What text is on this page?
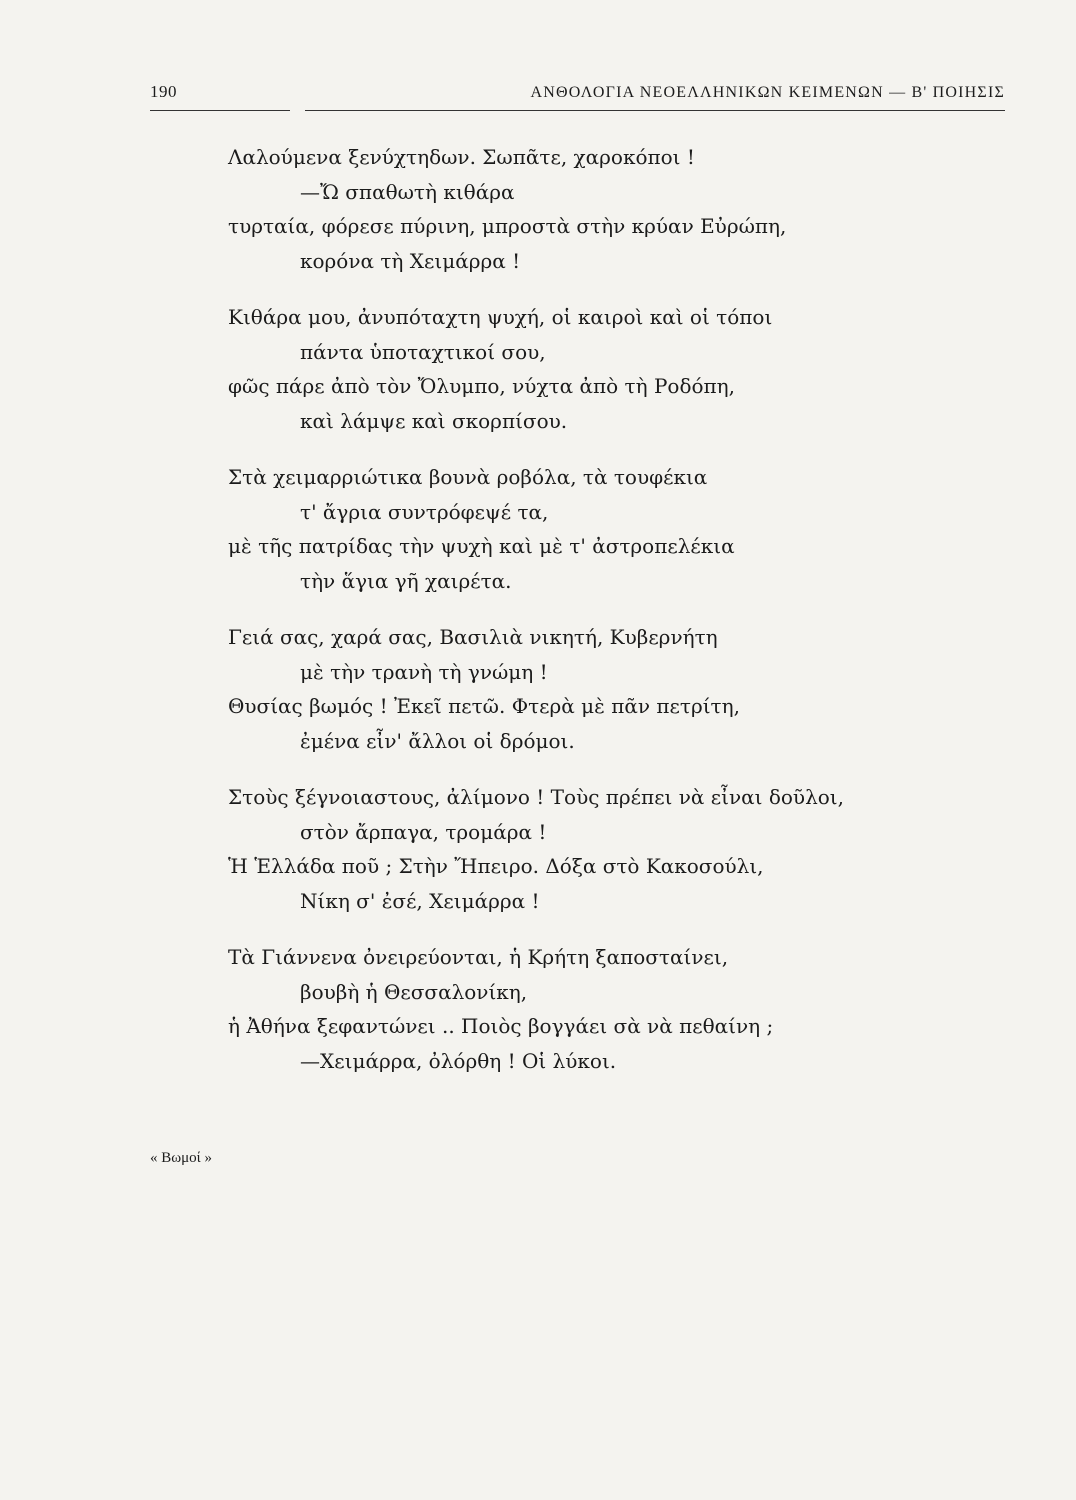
190	ΑΝΘΟΛΟΓΙΑ ΝΕΟΕΛΛΗΝΙΚΩΝ ΚΕΙΜΕΝΩΝ — Β' ΠΟΙΗΣΙΣ
Λαλούμενα ξενύχτηδων. Σωπᾶτε, χαροκόποι !
—Ὤ σπαθωτὴ κιθάρα
τυρταία, φόρεσε πύρινη, μπροστὰ στὴν κρύαν Εὐρώπη,
κορόνα τὴ Χειμάρρα !
Κιθάρα μου, ἀνυπόταχτη ψυχή, οἱ καιροὶ καὶ οἱ τόποι
πάντα ὑποταχτικοί σου,
φῶς πάρε ἀπὸ τὸν Ὄλυμπο, νύχτα ἀπὸ τὴ Ροδόπη,
καὶ λάμψε καὶ σκορπίσου.
Στὰ χειμαρριώτικα βουνὰ ροβόλα, τὰ τουφέκια
τ' ἄγρια συντρόφεψέ τα,
μὲ τῆς πατρίδας τὴν ψυχὴ καὶ μὲ τ' ἀστροπελέκια
τὴν ἅγια γῆ χαιρέτα.
Γειά σας, χαρά σας, Βασιλιὰ νικητή, Κυβερνήτη
μὲ τὴν τρανὴ τὴ γνώμη !
Θυσίας βωμός ! Ἐκεῖ πετῶ. Φτερὰ μὲ πᾶν πετρίτη,
ἐμένα εἶν' ἄλλοι οἱ δρόμοι.
Στοὺς ξέγνοιαστους, ἀλίμονο ! Τοὺς πρέπει νὰ εἶναι δοῦλοι,
στὸν ἄρπαγα, τρομάρα !
Ἡ Ἑλλάδα ποῦ ; Στὴν Ἤπειρο. Δόξα στὸ Κακοσούλι,
Νίκη σ' ἐσέ, Χειμάρρα !
Τὰ Γιάννενα ὀνειρεύονται, ἡ Κρήτη ξαποσταίνει,
βουβὴ ἡ Θεσσαλονίκη,
ἡ Ἀθήνα ξεφαντώνει .. Ποιὸς βογγάει σὰ νὰ πεθαίνη ;
—Χειμάρρα, ὀλόρθη ! Οἱ λύκοι.
« Βωμοί »
